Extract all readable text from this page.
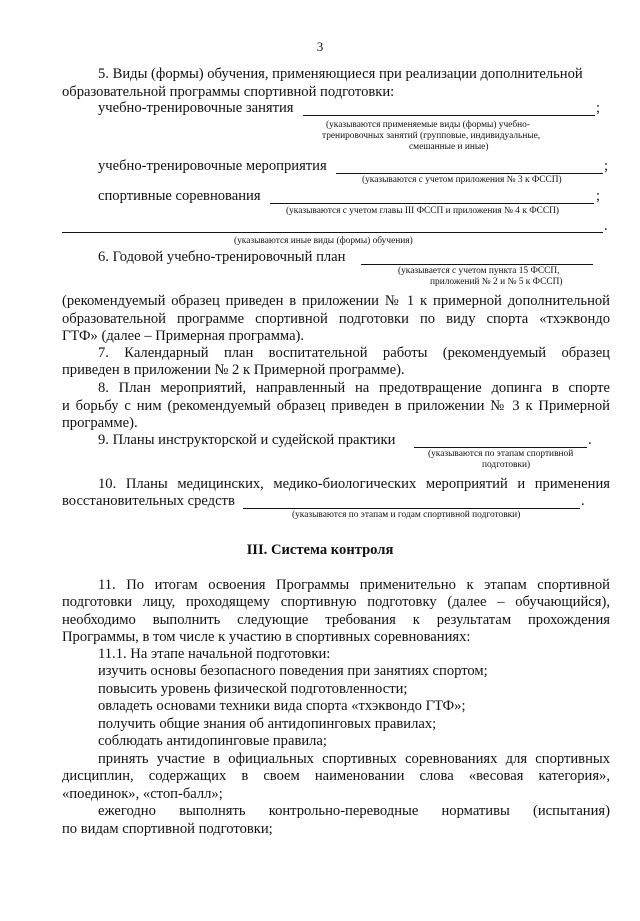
3
5. Виды (формы) обучения, применяющиеся при реализации дополнительной
образовательной программы спортивной подготовки:
учебно-тренировочные занятия	;
(указываются применяемые виды (формы) учебно-
тренировочных занятий (групповые, индивидуальные,
смешанные и иные)
учебно-тренировочные мероприятия	;
(указываются с учетом приложения № 3 к ФССП)
спортивные соревнования	;
(указываются с учетом главы III ФССП и приложения № 4 к ФССП)
.
(указываются иные виды (формы) обучения)
6. Годовой учебно-тренировочный план
(указывается с учетом пункта 15 ФССП,
приложений № 2 и № 5 к ФССП)
(рекомендуемый образец приведен в приложении № 1 к примерной дополнительной
образовательной программе спортивной подготовки по виду спорта «тхэквондо
ГТФ» (далее – Примерная программа).
7. Календарный план воспитательной работы (рекомендуемый образец
приведен в приложении № 2 к Примерной программе).
8. План мероприятий, направленный на предотвращение допинга в спорте
и борьбу с ним (рекомендуемый образец приведен в приложении № 3 к Примерной
программе).
9. Планы инструкторской и судейской практики	.
(указываются по этапам спортивной
подготовки)
10. Планы медицинских, медико-биологических мероприятий и применения
восстановительных средств	.
(указываются по этапам и годам спортивной подготовки)
III. Система контроля
11. По итогам освоения Программы применительно к этапам спортивной
подготовки лицу, проходящему спортивную подготовку (далее – обучающийся),
необходимо выполнить следующие требования к результатам прохождения
Программы, в том числе к участию в спортивных соревнованиях:
11.1. На этапе начальной подготовки:
изучить основы безопасного поведения при занятиях спортом;
повысить уровень физической подготовленности;
овладеть основами техники вида спорта «тхэквондо ГТФ»;
получить общие знания об антидопинговых правилах;
соблюдать антидопинговые правила;
принять участие в официальных спортивных соревнованиях для спортивных
дисциплин, содержащих в своем наименовании слова «весовая категория»,
«поединок», «стоп-балл»;
ежегодно выполнять контрольно-переводные нормативы (испытания)
по видам спортивной подготовки;
